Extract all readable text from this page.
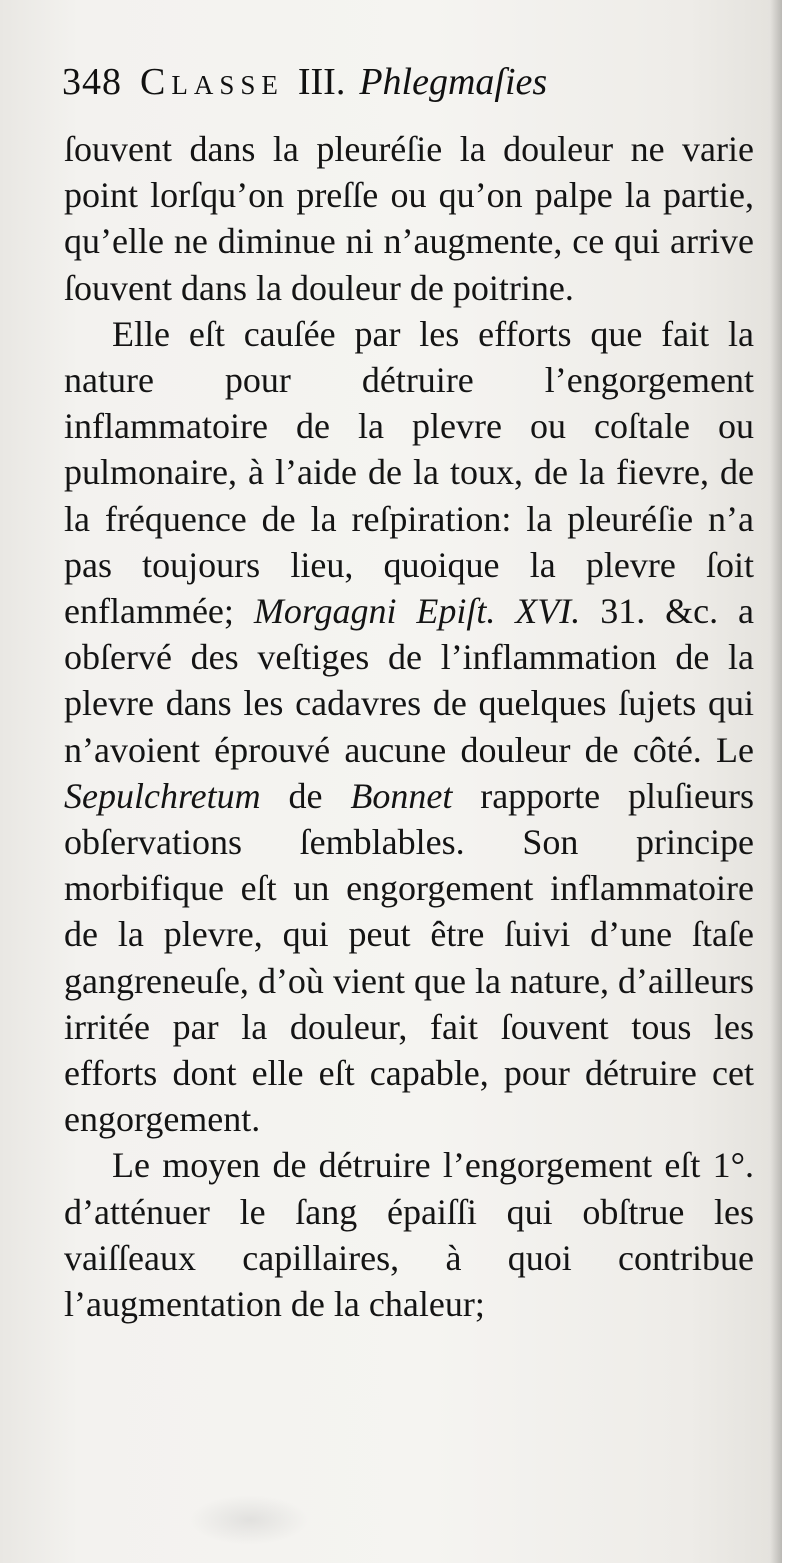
348 Classe III. Phlegmaſies

ſouvent dans la pleuréſie la douleur ne varie point lorſqu’on preſſe ou qu’on palpe la partie, qu’elle ne diminue ni n’augmente, ce qui arrive ſouvent dans la douleur de poitrine.

Elle eſt cauſée par les efforts que fait la nature pour détruire l’engorgement inflammatoire de la plevre ou coſtale ou pulmonaire, à l’aide de la toux, de la fievre, de la fréquence de la reſpiration: la pleuréſie n’a pas toujours lieu, quoique la plevre ſoit enflammée; Morgagni Epiſt. XVI. 31. &c. a obſervé des veſtiges de l’inflammation de la plevre dans les cadavres de quelques ſujets qui n’avoient éprouvé aucune douleur de côté. Le Sepulchretum de Bonnet rapporte pluſieurs obſervations ſemblables. Son principe morbifique eſt un engorgement inflammatoire de la plevre, qui peut être ſuivi d’une ſtaſe gangreneuſe, d’où vient que la nature, d’ailleurs irritée par la douleur, fait ſouvent tous les efforts dont elle eſt capable, pour détruire cet engorgement.

Le moyen de détruire l’engorgement eſt 1°. d’atténuer le ſang épaiſſi qui obſtrue les vaiſſeaux capillaires, à quoi contribue l’augmentation de la chaleur;
